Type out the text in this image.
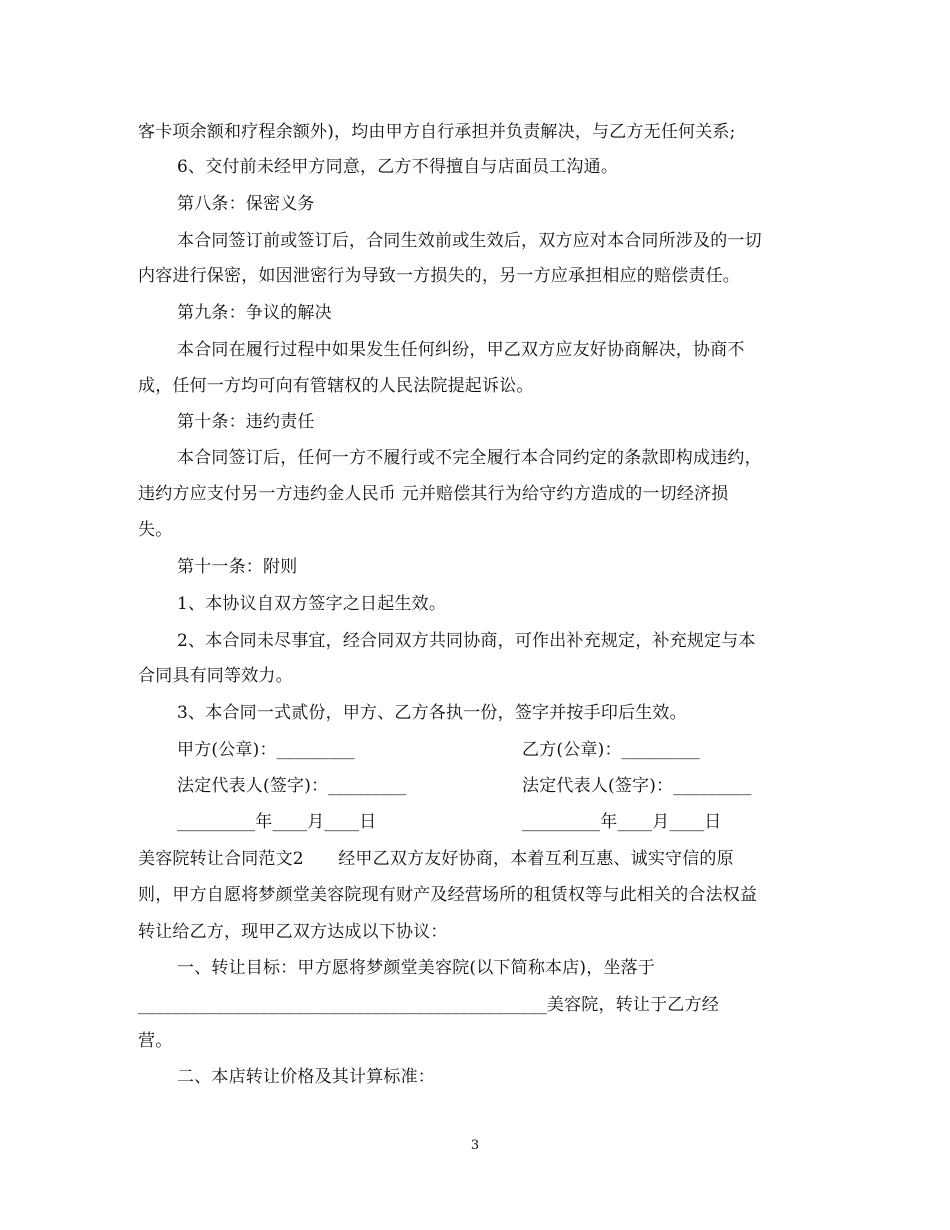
客卡项余额和疗程余额外)，均由甲方自行承担并负责解决，与乙方无任何关系;
6、交付前未经甲方同意，乙方不得擅自与店面员工沟通。
第八条：保密义务
本合同签订前或签订后，合同生效前或生效后，双方应对本合同所涉及的一切
内容进行保密，如因泄密行为导致一方损失的，另一方应承担相应的赔偿责任。
第九条：争议的解决
本合同在履行过程中如果发生任何纠纷，甲乙双方应友好协商解决，协商不
成，任何一方均可向有管辖权的人民法院提起诉讼。
第十条：违约责任
本合同签订后，任何一方不履行或不完全履行本合同约定的条款即构成违约，
违约方应支付另一方违约金人民币 元并赔偿其行为给守约方造成的一切经济损
失。
第十一条：附则
1、本协议自双方签字之日起生效。
2、本合同未尽事宜，经合同双方共同协商，可作出补充规定，补充规定与本
合同具有同等效力。
3、本合同一式贰份，甲方、乙方各执一份，签字并按手印后生效。
甲方(公章)：_________	乙方(公章)：_________
法定代表人(签字)：_________	法定代表人(签字)：_________
_________年____月____日	_________年____月____日
美容院转让合同范文2　　经甲乙双方友好协商，本着互利互惠、诚实守信的原
则，甲方自愿将梦颜堂美容院现有财产及经营场所的租赁权等与此相关的合法权益
转让给乙方，现甲乙双方达成以下协议：
一、转让目标：甲方愿将梦颜堂美容院(以下简称本店)，坐落于
_______________________________________________美容院，转让于乙方经
营。
二、本店转让价格及其计算标准：
3
